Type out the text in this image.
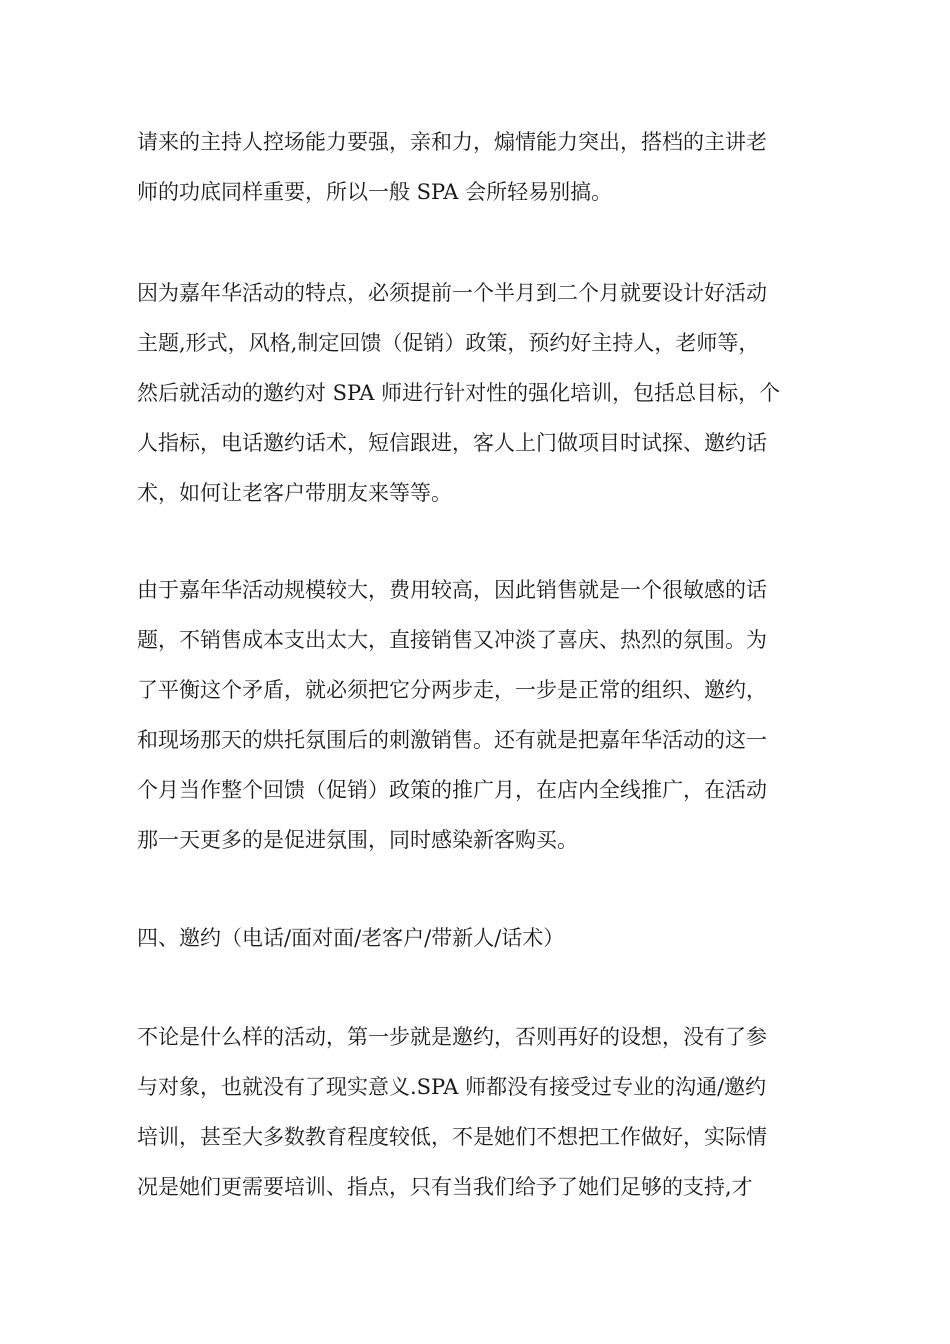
请来的主持人控场能力要强，亲和力，煽情能力突出，搭档的主讲老
师的功底同样重要，所以一般 SPA 会所轻易别搞。
因为嘉年华活动的特点，必须提前一个半月到二个月就要设计好活动
主题,形式，风格,制定回馈（促销）政策，预约好主持人，老师等，
然后就活动的邀约对 SPA 师进行针对性的强化培训，包括总目标，个
人指标，电话邀约话术，短信跟进，客人上门做项目时试探、邀约话
术，如何让老客户带朋友来等等。
由于嘉年华活动规模较大，费用较高，因此销售就是一个很敏感的话
题，不销售成本支出太大，直接销售又冲淡了喜庆、热烈的氛围。为
了平衡这个矛盾，就必须把它分两步走，一步是正常的组织、邀约，
和现场那天的烘托氛围后的刺激销售。还有就是把嘉年华活动的这一
个月当作整个回馈（促销）政策的推广月，在店内全线推广，在活动
那一天更多的是促进氛围，同时感染新客购买。
四、邀约（电话/面对面/老客户/带新人/话术）
不论是什么样的活动，第一步就是邀约，否则再好的设想，没有了参
与对象，也就没有了现实意义.SPA 师都没有接受过专业的沟通/邀约
培训，甚至大多数教育程度较低，不是她们不想把工作做好，实际情
况是她们更需要培训、指点，只有当我们给予了她们足够的支持,才
